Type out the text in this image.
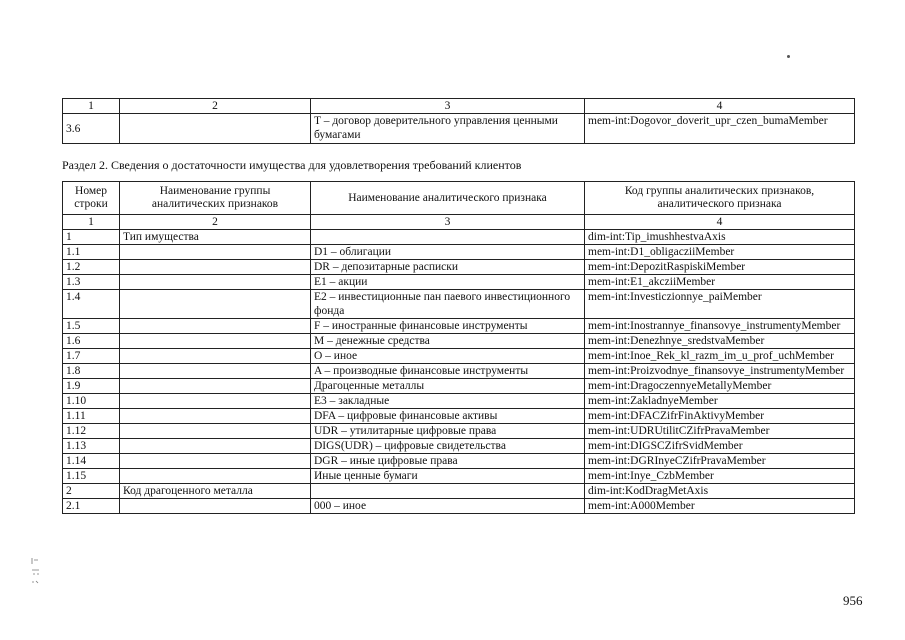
1	2	3	4
3.6		T – договор доверительного управления ценными бумагами	mem-int:Dogovor_doverit_upr_czen_bumaMember
Раздел 2. Сведения о достаточности имущества для удовлетворения требований клиентов
Номер строки	Наименование группы аналитических признаков	Наименование аналитического признака	Код группы аналитических признаков, аналитического признака
1	2	3	4
1	Тип имущества		dim-int:Tip_imushhestvaAxis
1.1		D1 – облигации	mem-int:D1_obligacziiMember
1.2		DR – депозитарные расписки	mem-int:DepozitRaspiskiMember
1.3		E1 – акции	mem-int:E1_akcziiMember
1.4		E2 – инвестиционные пан паевого инвестиционного фонда	mem-int:Investiczionnye_paiMember
1.5		F – иностранные финансовые инструменты	mem-int:Inostrannye_finansovye_instrumentyMember
1.6		M – денежные средства	mem-int:Denezhnye_sredstvaMember
1.7		O – иное	mem-int:Inoe_Rek_kl_razm_im_u_prof_uchMember
1.8		A – производные финансовые инструменты	mem-int:Proizvodnye_finansovye_instrumentyMember
1.9		Драгоценные металлы	mem-int:DragoczennyeMetallyMember
1.10		E3 – закладные	mem-int:ZakladnyeMember
1.11		DFA – цифровые финансовые активы	mem-int:DFACZifrFinAktivyMember
1.12		UDR – утилитарные цифровые права	mem-int:UDRUtilitCZifrPravaMember
1.13		DIGS(UDR) – цифровые свидетельства	mem-int:DIGSCZifrSvidMember
1.14		DGR – иные цифровые права	mem-int:DGRInyeCZifrPravaMember
1.15		Иные ценные бумаги	mem-int:Inye_CzbMember
2	Код драгоценного металла		dim-int:KodDragMetAxis
2.1		000 – иное	mem-int:A000Member
956
